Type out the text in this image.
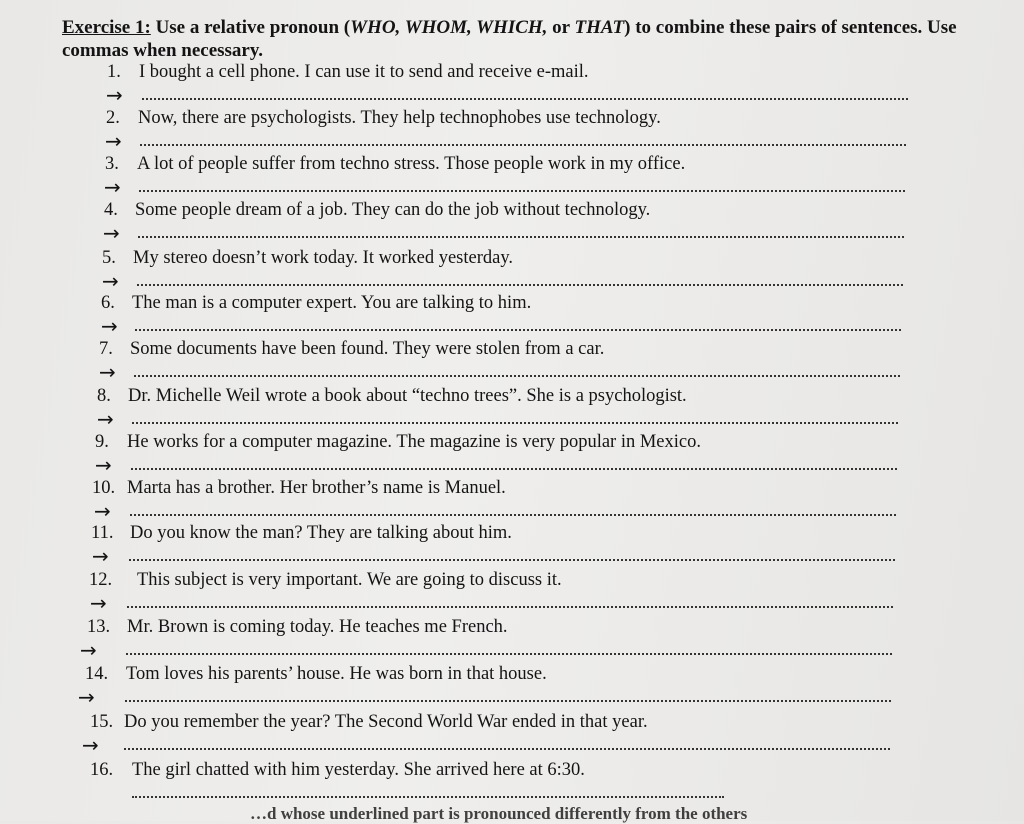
Exercise 1: Use a relative pronoun (WHO, WHOM, WHICH, or THAT) to combine these pairs of sentences. Use commas when necessary.
1. I bought a cell phone. I can use it to send and receive e-mail.
→
2. Now, there are psychologists. They help technophobes use technology.
→
3. A lot of people suffer from techno stress. Those people work in my office.
→
4. Some people dream of a job. They can do the job without technology.
→
5. My stereo doesn’t work today. It worked yesterday.
→
6. The man is a computer expert. You are talking to him.
→
7. Some documents have been found. They were stolen from a car.
→
8. Dr. Michelle Weil wrote a book about “techno trees”. She is a psychologist.
→
9. He works for a computer magazine. The magazine is very popular in Mexico.
→
10. Marta has a brother. Her brother’s name is Manuel.
→
11. Do you know the man? They are talking about him.
→
12. This subject is very important. We are going to discuss it.
→
13. Mr. Brown is coming today. He teaches me French.
→
14. Tom loves his parents’ house. He was born in that house.
→
15. Do you remember the year? The Second World War ended in that year.
→
16. The girl chatted with him yesterday. She arrived here at 6:30.
…d whose underlined part is pronounced differently from the others
